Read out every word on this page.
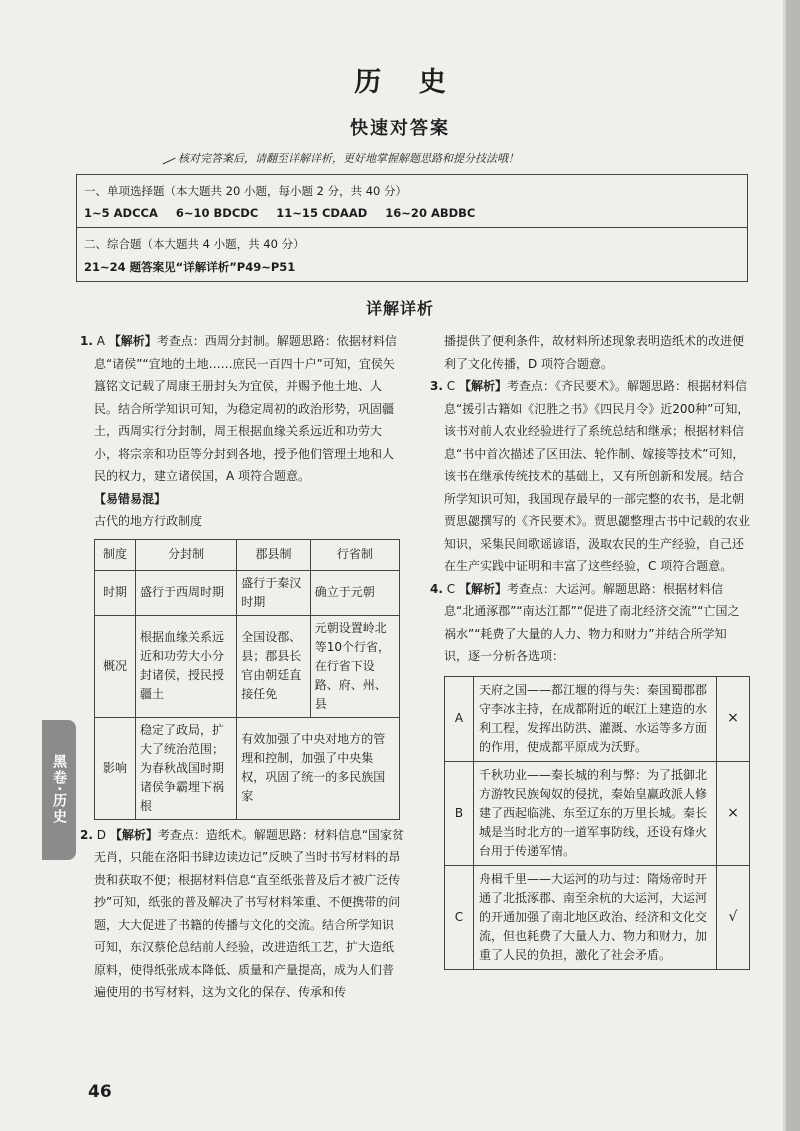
历 史
快速对答案
核对完答案后，请翻至详解详析，更好地掌握解题思路和提分技法哦！
一、单项选择题（本大题共 20 小题，每小题 2 分，共 40 分）
1~5 ADCCA 6~10 BDCDC 11~15 CDAAD 16~20 ABDBC
二、综合题（本大题共 4 小题，共 40 分）
21~24 题答案见“详解详析”P49~P51
详解详析

1. A 【解析】考查点：西周分封制。解题思路：依据材料信息“诸侯”“宜地的土地……庶民一百四十户”可知，宜侯矢簋铭文记载了周康王册封夨为宜侯，并赐予他土地、人民。结合所学知识可知，为稳定周初的政治形势，巩固疆土，西周实行分封制，周王根据血缘关系远近和功劳大小，将宗亲和功臣等分封到各地，授予他们管理土地和人民的权力，建立诸侯国，A 项符合题意。

【易错易混】

古代的地方行政制度

制度	分封制	郡县制	行省制
时期	盛行于西周时期	盛行于秦汉时期	确立于元朝
概况	根据血缘关系远近和功劳大小分封诸侯，授民授疆土	全国设郡、县；郡县长官由朝廷直接任免	元朝设置岭北等10个行省，在行省下设路、府、州、县
影响	稳定了政局，扩大了统治范围；为春秋战国时期诸侯争霸埋下祸根	有效加强了中央对地方的管理和控制，加强了中央集权，巩固了统一的多民族国家	

2. D 【解析】考查点：造纸术。解题思路：材料信息“国家贫无肖，只能在洛阳书肆边读边记”反映了当时书写材料的昂贵和获取不便；根据材料信息“直至纸张普及后才被广泛传抄”可知，纸张的普及解决了书写材料笨重、不便携带的问题，大大促进了书籍的传播与文化的交流。结合所学知识可知，东汉蔡伦总结前人经验，改进造纸工艺，扩大造纸原料，使得纸张成本降低、质量和产量提高，成为人们普遍使用的书写材料，这为文化的保存、传承和传

播提供了便利条件，故材料所述现象表明造纸术的改进便利了文化传播，D 项符合题意。

3. C 【解析】考查点：《齐民要术》。解题思路：根据材料信息“援引古籍如《氾胜之书》《四民月令》近200种”可知，该书对前人农业经验进行了系统总结和继承；根据材料信息“书中首次描述了区田法、轮作制、嫁接等技术”可知，该书在继承传统技术的基础上，又有所创新和发展。结合所学知识可知，我国现存最早的一部完整的农书，是北朝贾思勰撰写的《齐民要术》。贾思勰整理古书中记载的农业知识，采集民间歌谣谚语，汲取农民的生产经验，自己还在生产实践中证明和丰富了这些经验，C 项符合题意。

4. C 【解析】考查点：大运河。解题思路：根据材料信息“北通涿郡”“南达江都”“促进了南北经济交流”“亡国之祸水”“耗费了大量的人力、物力和财力”并结合所学知识，逐一分析各选项：

A	天府之国——都江堰的得与失：秦国蜀郡郡守李冰主持，在成都附近的岷江上建造的水利工程，发挥出防洪、灌溉、水运等多方面的作用，使成都平原成为沃野。	×
B	千秋功业——秦长城的利与弊：为了抵御北方游牧民族匈奴的侵扰，秦始皇赢政派人修建了西起临洮、东至辽东的万里长城。秦长城是当时北方的一道军事防线，还设有烽火台用于传递军情。	×
C	舟楫千里——大运河的功与过：隋炀帝时开通了北抵涿郡、南至余杭的大运河，大运河的开通加强了南北地区政治、经济和文化交流，但也耗费了大量人力、物力和财力，加重了人民的负担，激化了社会矛盾。	√
黑卷·历史
46
